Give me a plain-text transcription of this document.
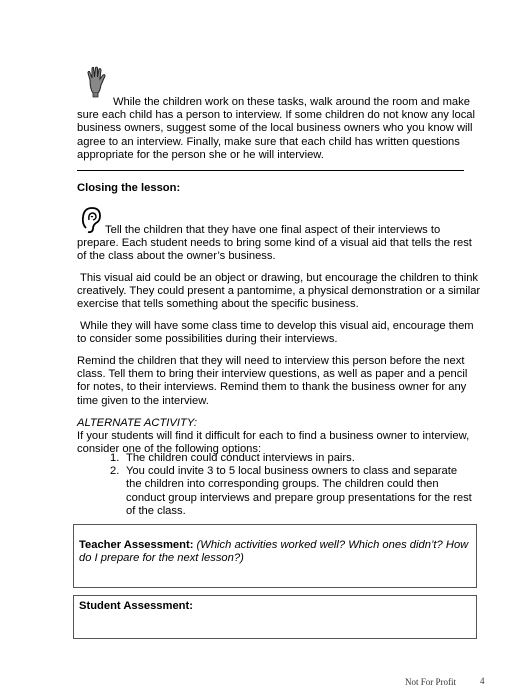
While the children work on these tasks, walk around the room and make sure each child has a person to interview. If some children do not know any local business owners, suggest some of the local business owners who you know will agree to an interview. Finally, make sure that each child has written questions appropriate for the person she or he will interview.

Closing the lesson:

Tell the children that they have one final aspect of their interviews to prepare. Each student needs to bring some kind of a visual aid that tells the rest of the class about the owner’s business.

This visual aid could be an object or drawing, but encourage the children to think creatively. They could present a pantomime, a physical demonstration or a similar exercise that tells something about the specific business.

While they will have some class time to develop this visual aid, encourage them to consider some possibilities during their interviews.

Remind the children that they will need to interview this person before the next class. Tell them to bring their interview questions, as well as paper and a pencil for notes, to their interviews. Remind them to thank the business owner for any time given to the interview.

ALTERNATE ACTIVITY:

If your students will find it difficult for each to find a business owner to interview, consider one of the following options:

1. The children could conduct interviews in pairs.
2. You could invite 3 to 5 local business owners to class and separate the children into corresponding groups. The children could then conduct group interviews and prepare group presentations for the rest of the class.
Teacher Assessment: (Which activities worked well? Which ones didn’t? How do I prepare for the next lesson?)
Student Assessment:
Not For Profit	4
